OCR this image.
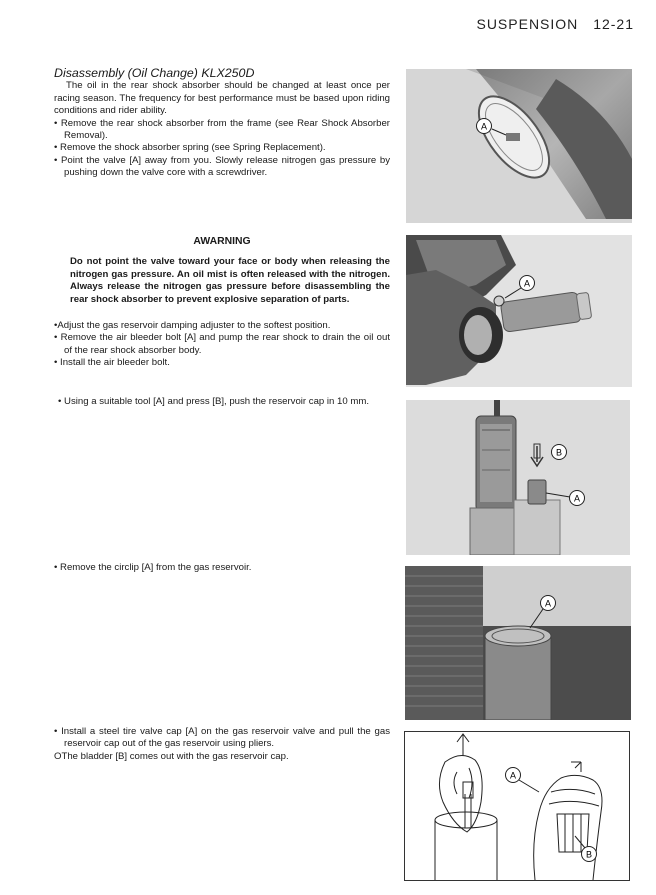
SUSPENSION 12-21
Disassembly (Oil Change) KLX250D

The oil in the rear shock absorber should be changed at least once per racing season. The frequency for best performance must be based upon riding conditions and rider ability.

• Remove the rear shock absorber from the frame (see Rear Shock Absorber Removal).

• Remove the shock absorber spring (see Spring Replacement).

• Point the valve [A] away from you. Slowly release nitrogen gas pressure by pushing down the valve core with a screwdriver.

AWARNING

Do not point the valve toward your face or body when releasing the nitrogen gas pressure. An oil mist is often released with the nitrogen. Always release the nitrogen gas pressure before disassembling the rear shock absorber to prevent explosive separation of parts.

•Adjust the gas reservoir damping adjuster to the softest position.

• Remove the air bleeder bolt [A] and pump the rear shock to drain the oil out of the rear shock absorber body.

• Install the air bleeder bolt.

• Using a suitable tool [A] and press [B], push the reservoir cap in 10 mm.

• Remove the circlip [A] from the gas reservoir.

• Install a steel tire valve cap [A] on the gas reservoir valve and pull the gas reservoir cap out of the gas reservoir using pliers.

OThe bladder [B] comes out with the gas reservoir cap.

A
A
B
A
A
A
B
